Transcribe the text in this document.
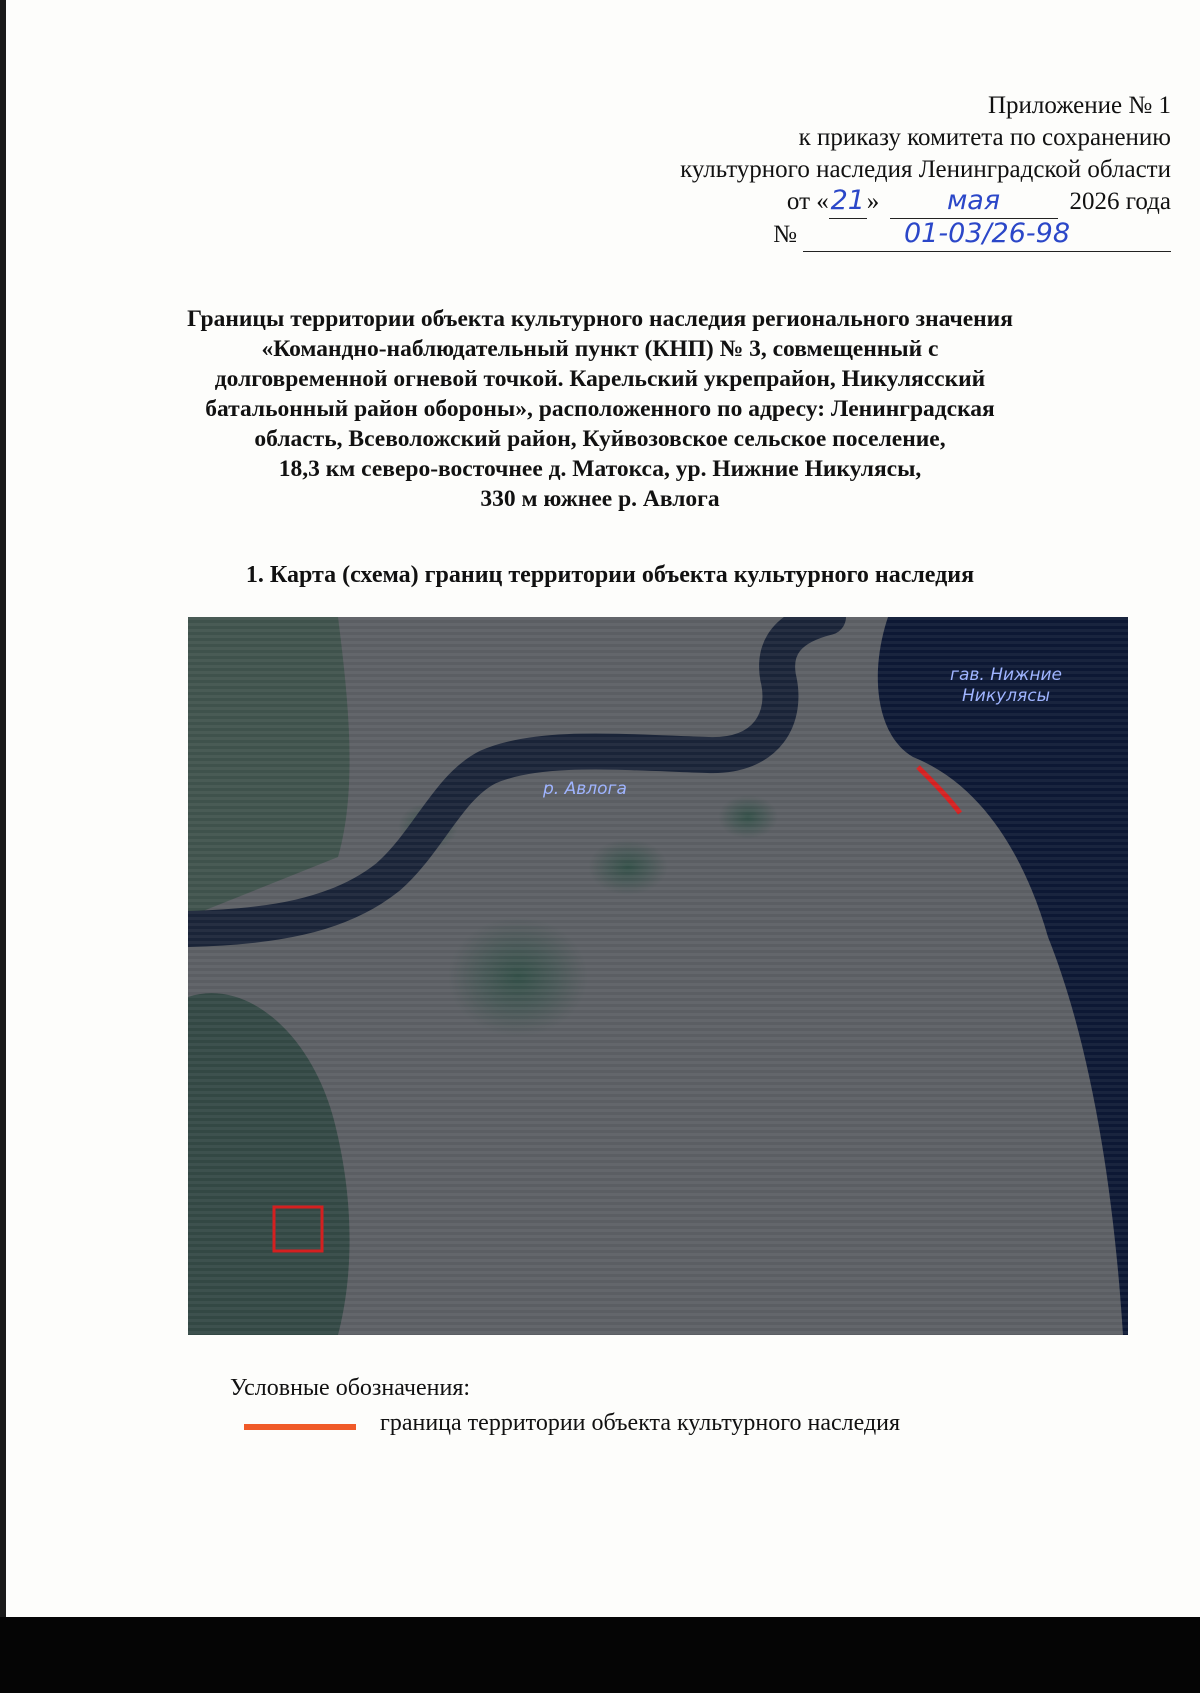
Приложение № 1
к приказу комитета по сохранению
культурного наследия Ленинградской области
от «21»	мая	2026 года
№	01-03/26-98
Границы территории объекта культурного наследия регионального значения
«Командно-наблюдательный пункт (КНП) № 3, совмещенный с
долговременной огневой точкой. Карельский укрепрайон, Никулясский
батальонный район обороны», расположенного по адресу: Ленинградская
область, Всеволожский район, Куйвозовское сельское поселение,
18,3 км северо-восточнее д. Матокса, ур. Нижние Никулясы,
330 м южнее р. Авлога
1. Карта (схема) границ территории объекта культурного наследия
гав. Нижние
Никулясы
р. Авлога
Условные обозначения:
граница территории объекта культурного наследия
